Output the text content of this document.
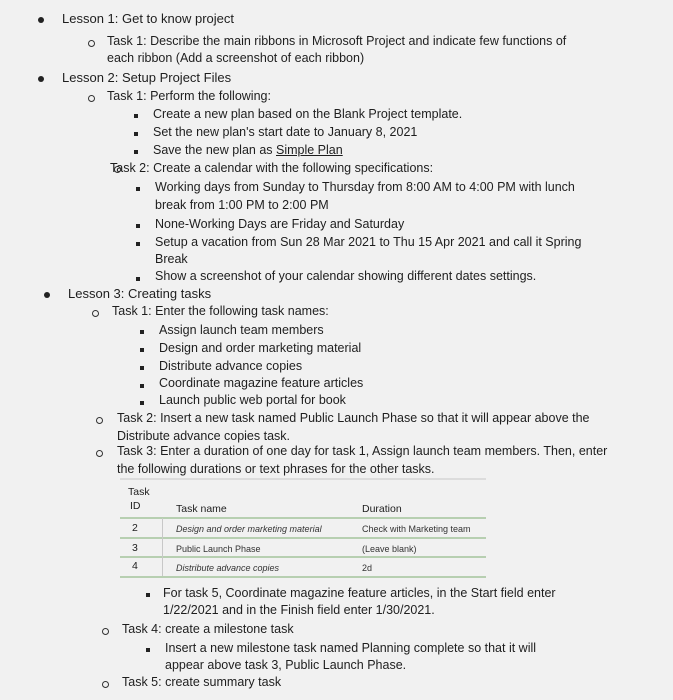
Lesson 1: Get to know project
Task 1: Describe the main ribbons in Microsoft Project and indicate few functions of
each ribbon (Add a screenshot of each ribbon)
Lesson 2: Setup Project Files
Task 1: Perform the following:
Create a new plan based on the Blank Project template.
Set the new plan's start date to January 8, 2021
Save the new plan as Simple Plan
Task 2: Create a calendar with the following specifications:
Working days from Sunday to Thursday from 8:00 AM to 4:00 PM with lunch
break from 1:00 PM to 2:00 PM
None-Working Days are Friday and Saturday
Setup a vacation from Sun 28 Mar 2021 to Thu 15 Apr 2021 and call it Spring
Break
Show a screenshot of your calendar showing different dates settings.
Lesson 3: Creating tasks
Task 1: Enter the following task names:
Assign launch team members
Design and order marketing material
Distribute advance copies
Coordinate magazine feature articles
Launch public web portal for book
Task 2: Insert a new task named Public Launch Phase so that it will appear above the
Distribute advance copies task.
Task 3: Enter a duration of one day for task 1, Assign launch team members. Then, enter
the following durations or text phrases for the other tasks.
Task
ID	Task name	Duration
2	Design and order marketing material	Check with Marketing team
3	Public Launch Phase	(Leave blank)
4	Distribute advance copies	2d
For task 5, Coordinate magazine feature articles, in the Start field enter
1/22/2021 and in the Finish field enter 1/30/2021.
Task 4: create a milestone task
Insert a new milestone task named Planning complete so that it will
appear above task 3, Public Launch Phase.
Task 5: create summary task
